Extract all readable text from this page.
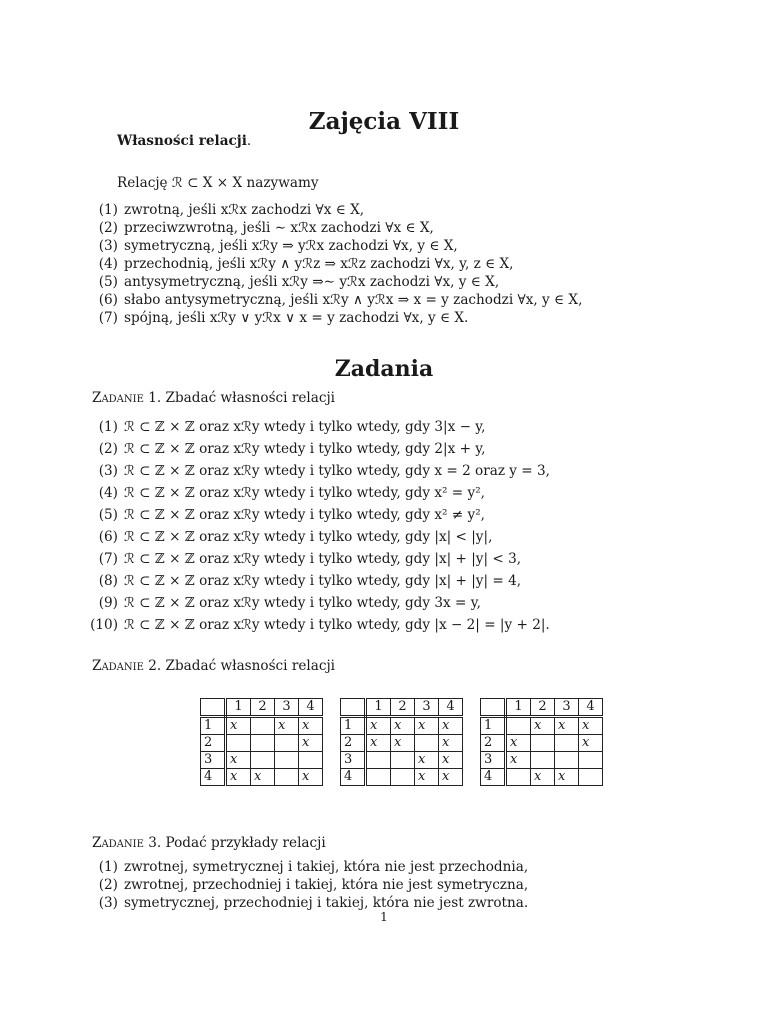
Zajęcia VIII
Własności relacji.
Relację ℛ ⊂ X × X nazywamy
(1) zwrotną, jeśli xℛx zachodzi ∀x ∈ X,
(2) przeciwzwrotną, jeśli ∼ xℛx zachodzi ∀x ∈ X,
(3) symetryczną, jeśli xℛy ⇒ yℛx zachodzi ∀x, y ∈ X,
(4) przechodnią, jeśli xℛy ∧ yℛz ⇒ xℛz zachodzi ∀x, y, z ∈ X,
(5) antysymetryczną, jeśli xℛy ⇒∼ yℛx zachodzi ∀x, y ∈ X,
(6) słabo antysymetryczną, jeśli xℛy ∧ yℛx ⇒ x = y zachodzi ∀x, y ∈ X,
(7) spójną, jeśli xℛy ∨ yℛx ∨ x = y zachodzi ∀x, y ∈ X.
Zadania
Zadanie 1. Zbadać własności relacji
(1) ℛ ⊂ ℤ × ℤ oraz xℛy wtedy i tylko wtedy, gdy 3|x − y,
(2) ℛ ⊂ ℤ × ℤ oraz xℛy wtedy i tylko wtedy, gdy 2|x + y,
(3) ℛ ⊂ ℤ × ℤ oraz xℛy wtedy i tylko wtedy, gdy x = 2 oraz y = 3,
(4) ℛ ⊂ ℤ × ℤ oraz xℛy wtedy i tylko wtedy, gdy x² = y²,
(5) ℛ ⊂ ℤ × ℤ oraz xℛy wtedy i tylko wtedy, gdy x² ≠ y²,
(6) ℛ ⊂ ℤ × ℤ oraz xℛy wtedy i tylko wtedy, gdy |x| < |y|,
(7) ℛ ⊂ ℤ × ℤ oraz xℛy wtedy i tylko wtedy, gdy |x| + |y| < 3,
(8) ℛ ⊂ ℤ × ℤ oraz xℛy wtedy i tylko wtedy, gdy |x| + |y| = 4,
(9) ℛ ⊂ ℤ × ℤ oraz xℛy wtedy i tylko wtedy, gdy 3x = y,
(10) ℛ ⊂ ℤ × ℤ oraz xℛy wtedy i tylko wtedy, gdy |x − 2| = |y + 2|.
Zadanie 2. Zbadać własności relacji
	1	2	3	4
1	x		x	x
2				x
3	x			
4	x	x		x
	1	2	3	4
1	x	x	x	x
2	x	x		x
3			x	x
4			x	x
	1	2	3	4
1		x	x	x
2	x			x
3	x			
4		x	x	
Zadanie 3. Podać przykłady relacji
(1) zwrotnej, symetrycznej i takiej, która nie jest przechodnia,
(2) zwrotnej, przechodniej i takiej, która nie jest symetryczna,
(3) symetrycznej, przechodniej i takiej, która nie jest zwrotna.
1
